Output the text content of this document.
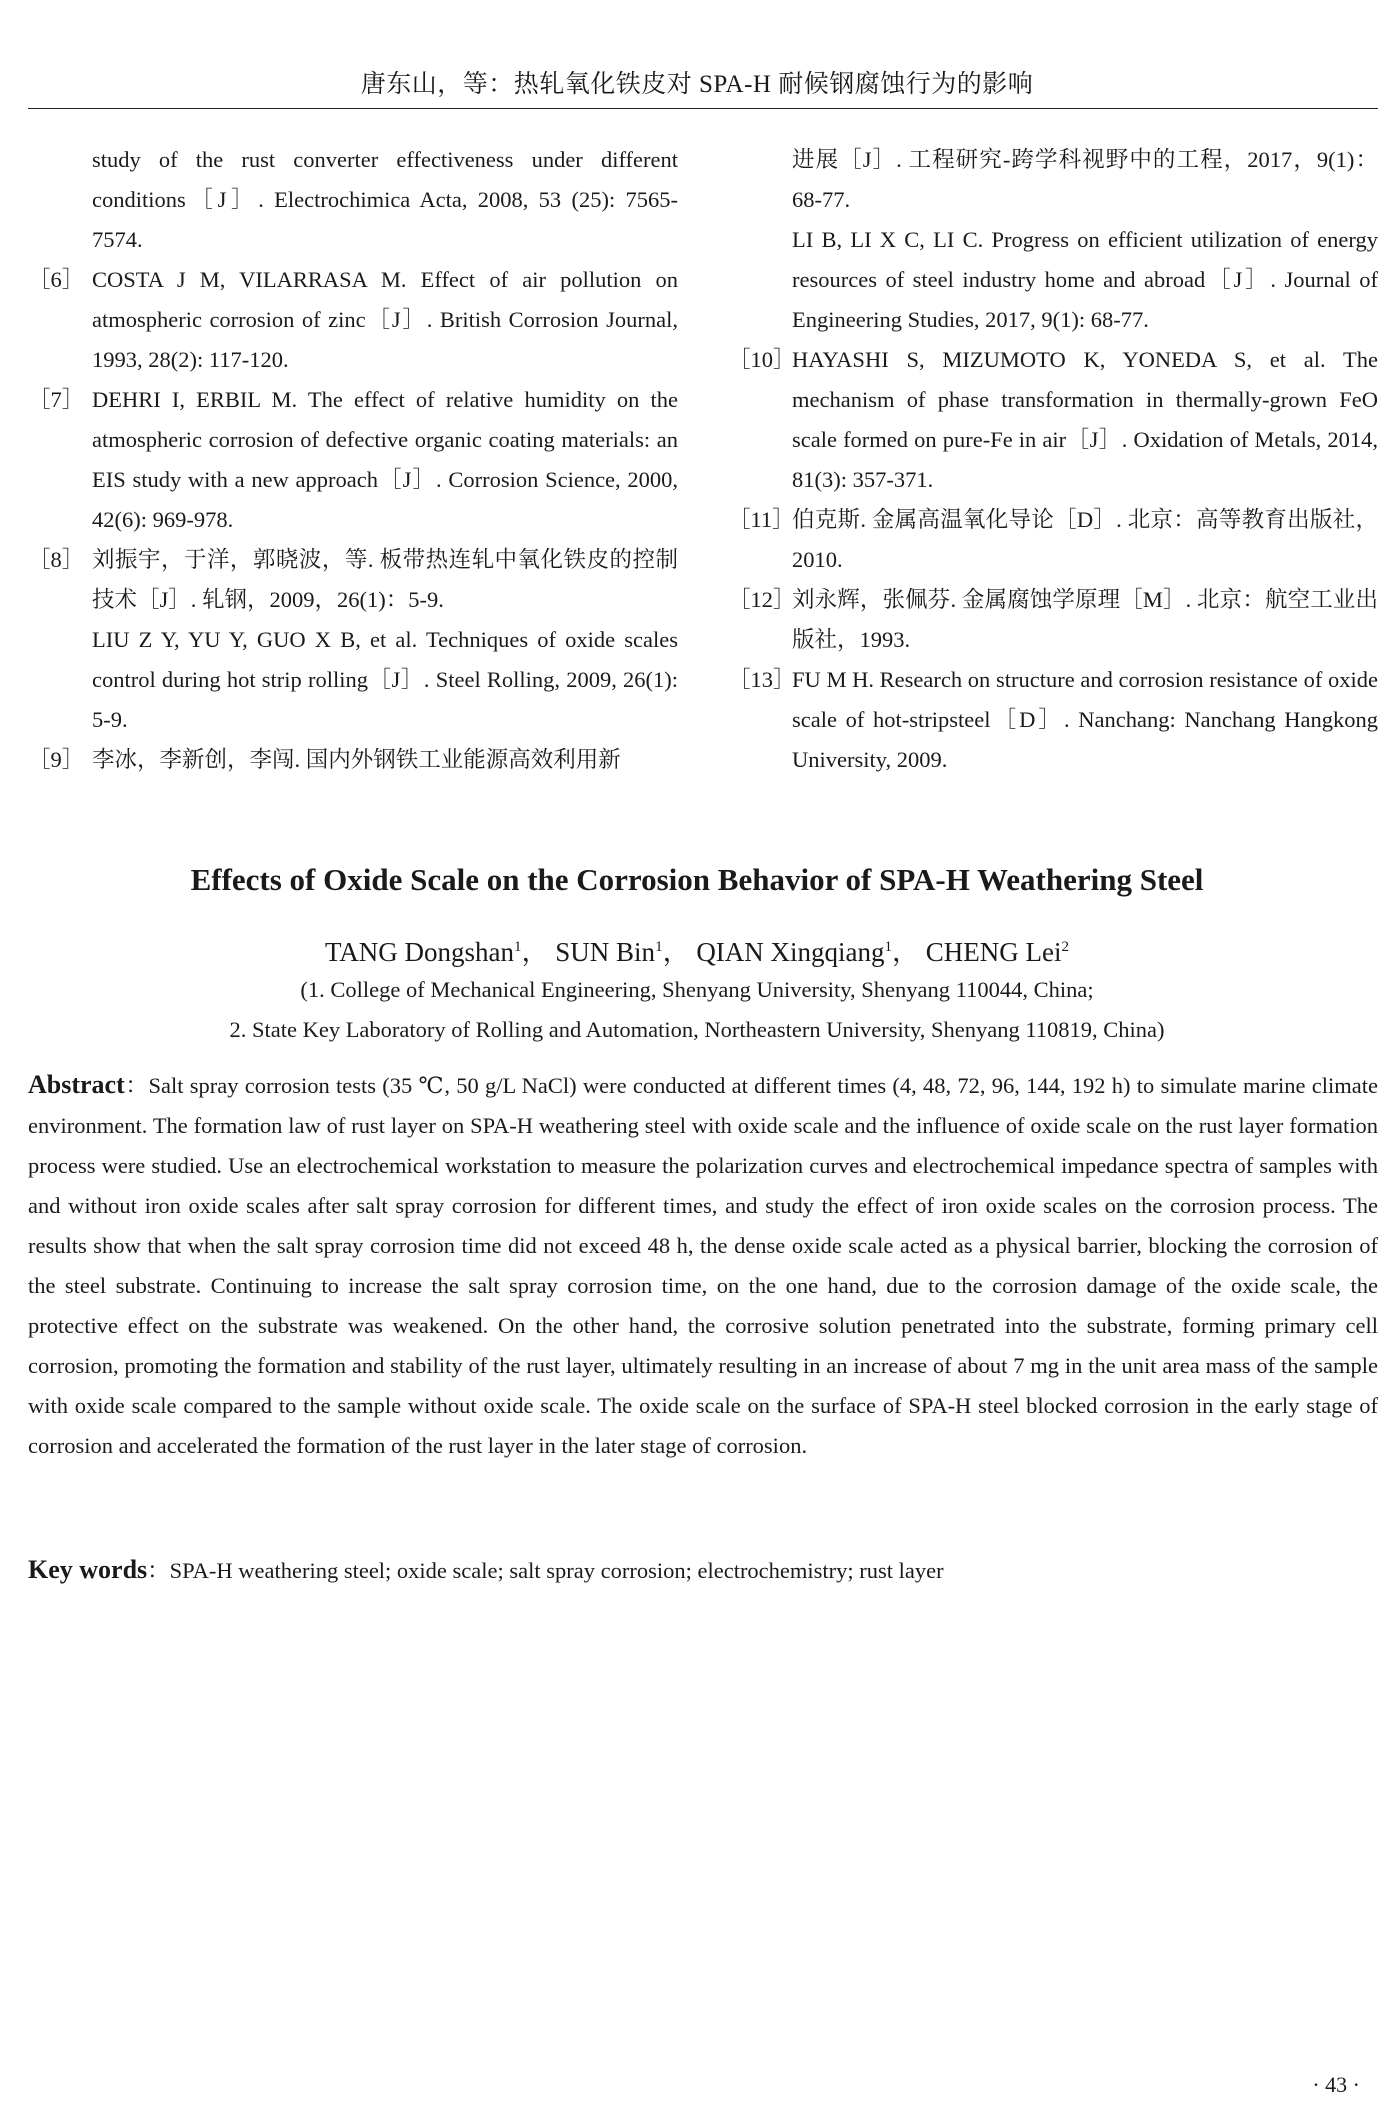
唐东山，等：热轧氧化铁皮对 SPA-H 耐候钢腐蚀行为的影响
study of the rust converter effectiveness under different conditions［J］. Electrochimica Acta, 2008, 53 (25): 7565-7574.
［6］ COSTA J M, VILARRASA M. Effect of air pollution on atmospheric corrosion of zinc［J］. British Corrosion Journal, 1993, 28(2): 117-120.
［7］ DEHRI I, ERBIL M. The effect of relative humidity on the atmospheric corrosion of defective organic coating materials: an EIS study with a new approach［J］. Corrosion Science, 2000, 42(6): 969-978.
［8］ 刘振宇，于洋，郭晓波，等. 板带热连轧中氧化铁皮的控制技术［J］. 轧钢，2009，26(1)：5-9.
LIU Z Y, YU Y, GUO X B, et al. Techniques of oxide scales control during hot strip rolling［J］. Steel Rolling, 2009, 26(1): 5-9.
［9］ 李冰，李新创，李闯. 国内外钢铁工业能源高效利用新
进展［J］. 工程研究-跨学科视野中的工程，2017，9(1)：68-77.
LI B, LI X C, LI C. Progress on efficient utilization of energy resources of steel industry home and abroad［J］. Journal of Engineering Studies, 2017, 9(1): 68-77.
［10］
HAYASHI S, MIZUMOTO K, YONEDA S, et al. The mechanism of phase transformation in thermally-grown FeO scale formed on pure-Fe in air［J］. Oxidation of Metals, 2014, 81(3): 357-371.
［11］
伯克斯. 金属高温氧化导论［D］. 北京：高等教育出版社，2010.
［12］
刘永辉，张佩芬. 金属腐蚀学原理［M］. 北京：航空工业出版社，1993.
［13］
FU M H. Research on structure and corrosion resistance of oxide scale of hot-stripsteel［D］. Nanchang: Nanchang Hangkong University, 2009.
Effects of Oxide Scale on the Corrosion Behavior of SPA-H Weathering Steel
TANG Dongshan$^1$， SUN Bin$^1$， QIAN Xingqiang$^1$， CHENG Lei$^2$
(1. College of Mechanical Engineering, Shenyang University, Shenyang 110044, China;
2. State Key Laboratory of Rolling and Automation, Northeastern University, Shenyang 110819, China)
Abstract：Salt spray corrosion tests (35 ℃, 50 g/L NaCl) were conducted at different times (4, 48, 72, 96, 144, 192 h) to simulate marine climate environment. The formation law of rust layer on SPA-H weathering steel with oxide scale and the influence of oxide scale on the rust layer formation process were studied. Use an electrochemical workstation to measure the polarization curves and electrochemical impedance spectra of samples with and without iron oxide scales after salt spray corrosion for different times, and study the effect of iron oxide scales on the corrosion process. The results show that when the salt spray corrosion time did not exceed 48 h, the dense oxide scale acted as a physical barrier, blocking the corrosion of the steel substrate. Continuing to increase the salt spray corrosion time, on the one hand, due to the corrosion damage of the oxide scale, the protective effect on the substrate was weakened. On the other hand, the corrosive solution penetrated into the substrate, forming primary cell corrosion, promoting the formation and stability of the rust layer, ultimately resulting in an increase of about 7 mg in the unit area mass of the sample with oxide scale compared to the sample without oxide scale. The oxide scale on the surface of SPA-H steel blocked corrosion in the early stage of corrosion and accelerated the formation of the rust layer in the later stage of corrosion.
Key words：SPA-H weathering steel; oxide scale; salt spray corrosion; electrochemistry; rust layer
· 43 ·
